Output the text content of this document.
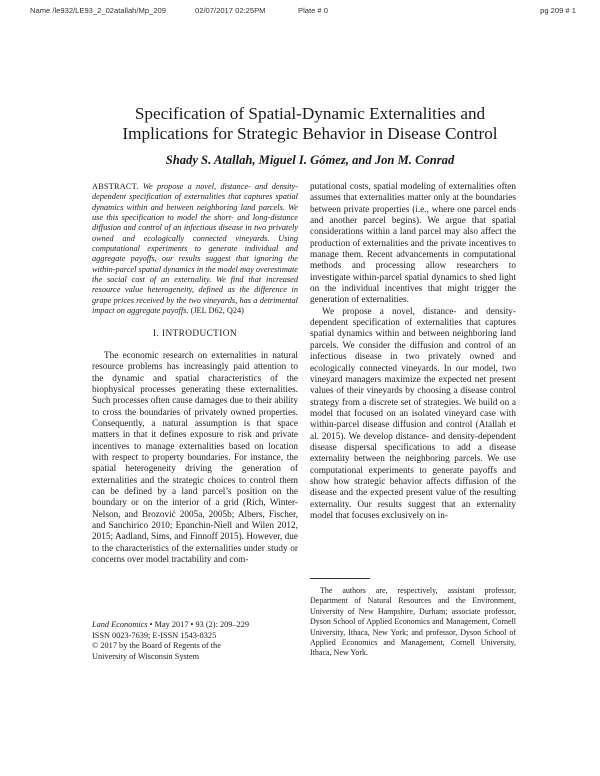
Name /le932/LE93_2_02atallah/Mp_209	02/07/2017 02:25PM	Plate # 0	pg 209 # 1
Specification of Spatial-Dynamic Externalities and
Implications for Strategic Behavior in Disease Control
Shady S. Atallah, Miguel I. Gómez, and Jon M. Conrad

ABSTRACT. We propose a novel, distance- and density-dependent specification of externalities that captures spatial dynamics within and between neighboring land parcels. We use this specification to model the short- and long-distance diffusion and control of an infectious disease in two privately owned and ecologically connected vineyards. Using computational experiments to generate individual and aggregate payoffs, our results suggest that ignoring the within-parcel spatial dynamics in the model may overestimate the social cost of an externality. We find that increased resource value heterogeneity, defined as the difference in grape prices received by the two vineyards, has a detrimental impact on aggregate payoffs. (JEL D62, Q24)

I. INTRODUCTION

The economic research on externalities in natural resource problems has increasingly paid attention to the dynamic and spatial characteristics of the biophysical processes generating these externalities. Such processes often cause damages due to their ability to cross the boundaries of privately owned properties. Consequently, a natural assumption is that space matters in that it defines exposure to risk and private incentives to manage externalities based on location with respect to property boundaries. For instance, the spatial heterogeneity driving the generation of externalities and the strategic choices to control them can be defined by a land parcel’s position on the boundary or on the interior of a grid (Rich, Winter-Nelson, and Brozović 2005a, 2005b; Albers, Fischer, and Sanchirico 2010; Epanchin-Niell and Wilen 2012, 2015; Aadland, Sims, and Finnoff 2015). However, due to the characteristics of the externalities under study or concerns over model tractability and com-

putational costs, spatial modeling of externalities often assumes that externalities matter only at the boundaries between private properties (i.e., where one parcel ends and another parcel begins). We argue that spatial considerations within a land parcel may also affect the production of externalities and the private incentives to manage them. Recent advancements in computational methods and processing allow researchers to investigate within-parcel spatial dynamics to shed light on the individual incentives that might trigger the generation of externalities.

We propose a novel, distance- and density-dependent specification of externalities that captures spatial dynamics within and between neighboring land parcels. We consider the diffusion and control of an infectious disease in two privately owned and ecologically connected vineyards. In our model, two vineyard managers maximize the expected net present values of their vineyards by choosing a disease control strategy from a discrete set of strategies. We build on a model that focused on an isolated vineyard case with within-parcel disease diffusion and control (Atallah et al. 2015). We develop distance- and density-dependent disease dispersal specifications to add a disease externality between the neighboring parcels. We use computational experiments to generate payoffs and show how strategic behavior affects diffusion of the disease and the expected present value of the resulting externality. Our results suggest that an externality model that focuses exclusively on in-

Land Economics • May 2017 • 93 (2): 209–229
ISSN 0023-7639; E-ISSN 1543-8325
© 2017 by the Board of Regents of the
University of Wisconsin System
The authors are, respectively, assistant professor, Department of Natural Resources and the Environment, University of New Hampshire, Durham; associate professor, Dyson School of Applied Economics and Management, Cornell University, Ithaca, New York; and professor, Dyson School of Applied Economics and Management, Cornell University, Ithaca, New York.
